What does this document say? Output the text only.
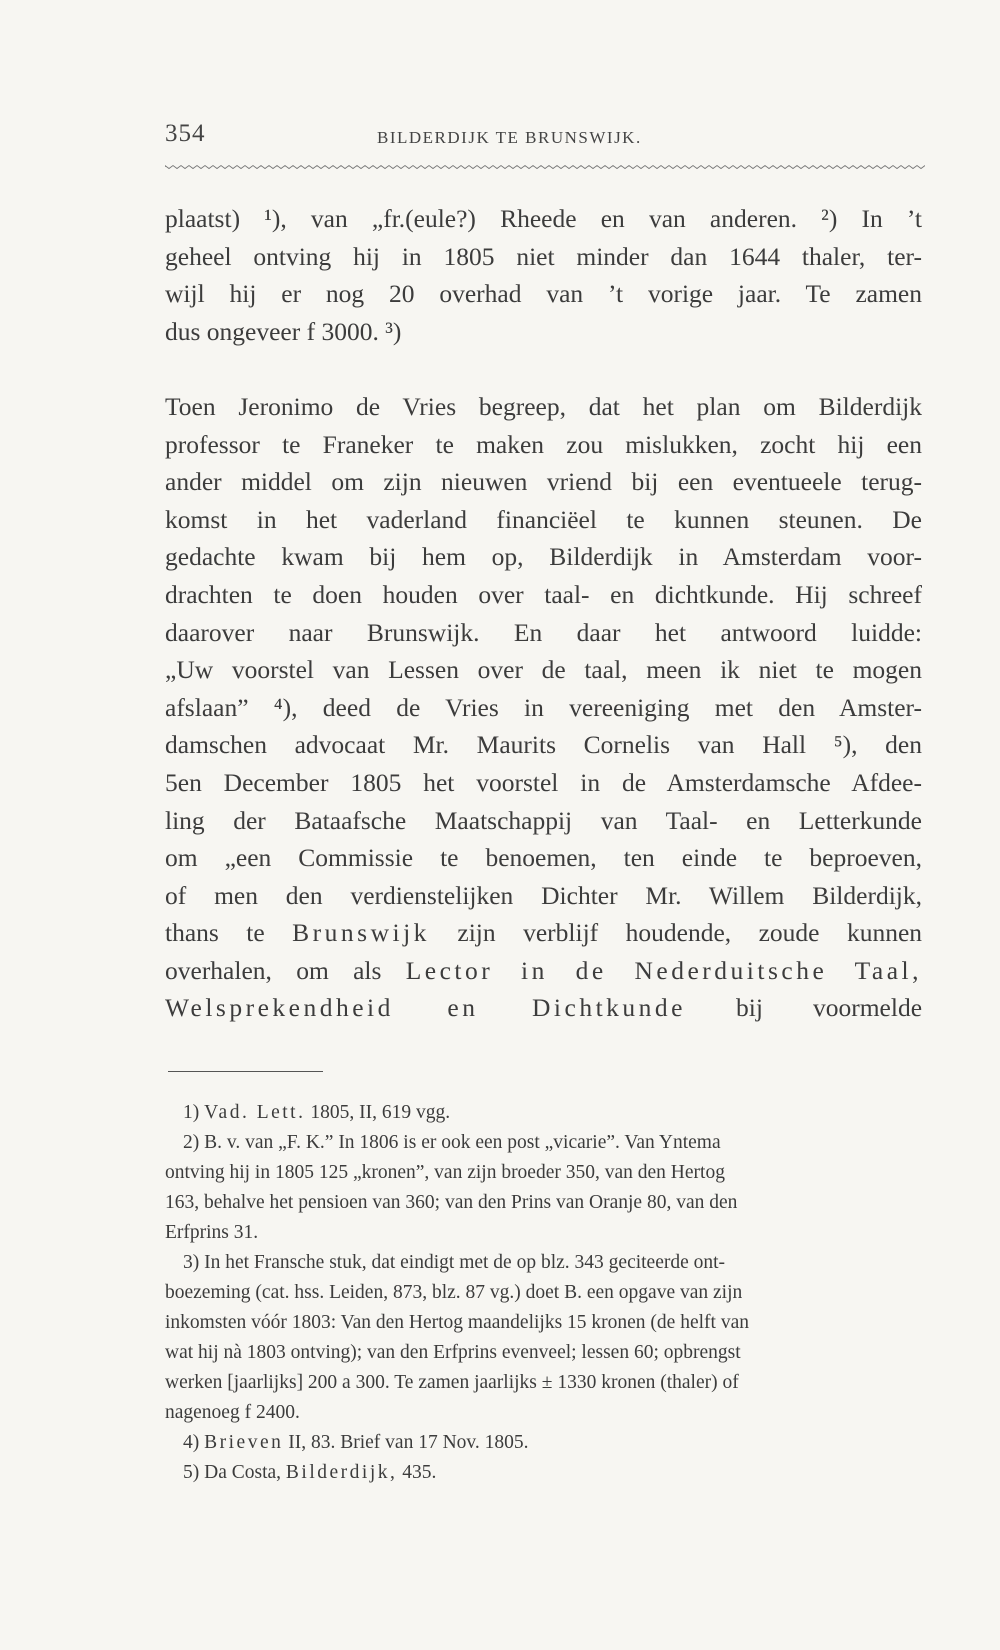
354	BILDERDIJK TE BRUNSWIJK.
plaatst) ¹), van „fr.(eule?) Rheede en van anderen. ²) In ’t
geheel ontving hij in 1805 niet minder dan 1644 thaler, ter-
wijl hij er nog 20 overhad van ’t vorige jaar. Te zamen
dus ongeveer f 3000. ³)
Toen Jeronimo de Vries begreep, dat het plan om Bilderdijk
professor te Franeker te maken zou mislukken, zocht hij een
ander middel om zijn nieuwen vriend bij een eventueele terug-
komst in het vaderland financiëel te kunnen steunen. De
gedachte kwam bij hem op, Bilderdijk in Amsterdam voor-
drachten te doen houden over taal- en dichtkunde. Hij schreef
daarover naar Brunswijk. En daar het antwoord luidde:
„Uw voorstel van Lessen over de taal, meen ik niet te mogen
afslaan” ⁴), deed de Vries in vereeniging met den Amster-
damschen advocaat Mr. Maurits Cornelis van Hall ⁵), den
5en December 1805 het voorstel in de Amsterdamsche Afdee-
ling der Bataafsche Maatschappij van Taal- en Letterkunde
om „een Commissie te benoemen, ten einde te beproeven,
of men den verdienstelijken Dichter Mr. Willem Bilderdijk,
thans te Brunswijk zijn verblijf houdende, zoude kunnen
overhalen, om als Lector in de Nederduitsche Taal,
Welsprekendheid en Dichtkunde bij voormelde
1) Vad. Lett. 1805, II, 619 vgg.
2) B. v. van „F. K.” In 1806 is er ook een post „vicarie”. Van Yntema
ontving hij in 1805 125 „kronen”, van zijn broeder 350, van den Hertog
163, behalve het pensioen van 360; van den Prins van Oranje 80, van den
Erfprins 31.
3) In het Fransche stuk, dat eindigt met de op blz. 343 geciteerde ont-
boezeming (cat. hss. Leiden, 873, blz. 87 vg.) doet B. een opgave van zijn
inkomsten vóór 1803: Van den Hertog maandelijks 15 kronen (de helft van
wat hij nà 1803 ontving); van den Erfprins evenveel; lessen 60; opbrengst
werken [jaarlijks] 200 a 300. Te zamen jaarlijks ± 1330 kronen (thaler) of
nagenoeg f 2400.
4) Brieven II, 83. Brief van 17 Nov. 1805.
5) Da Costa, Bilderdijk, 435.
